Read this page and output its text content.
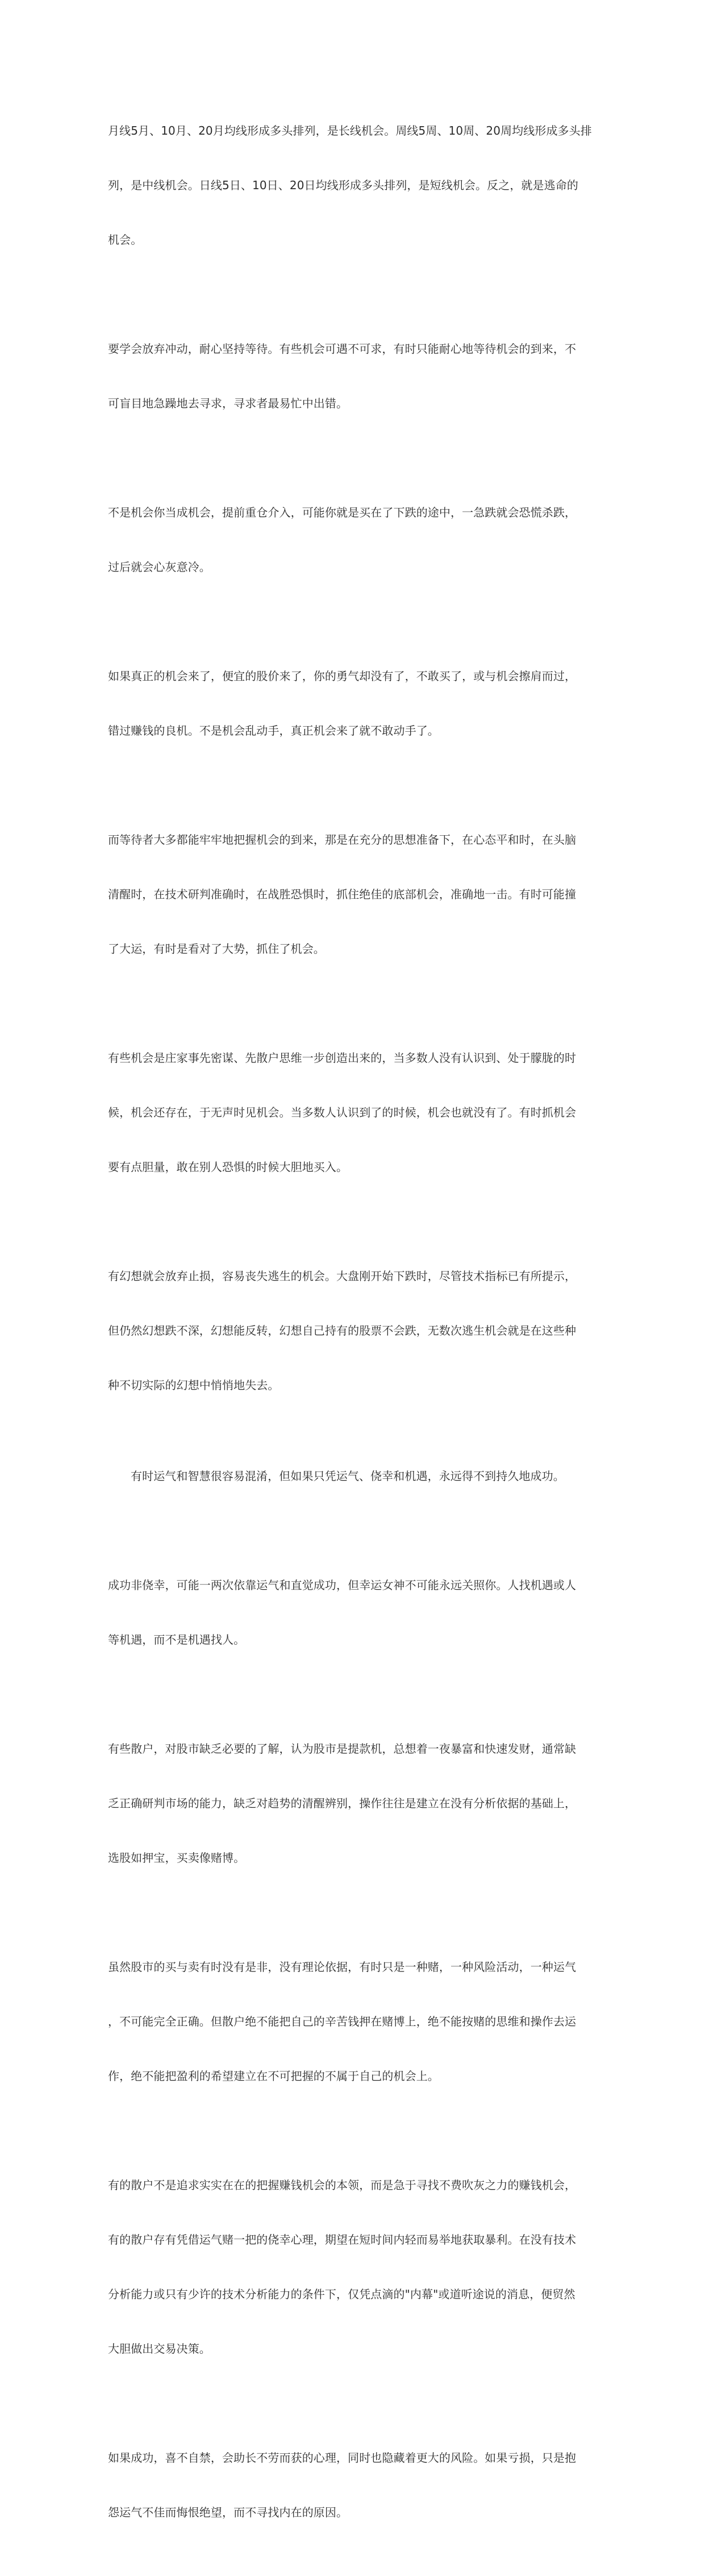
月线5月、10月、20月均线形成多头排列，是长线机会。周线5周、10周、20周均线形成多头排

列，是中线机会。日线5日、10日、20日均线形成多头排列，是短线机会。反之，就是逃命的

机会。

要学会放弃冲动，耐心坚持等待。有些机会可遇不可求，有时只能耐心地等待机会的到来，不

可盲目地急躁地去寻求，寻求者最易忙中出错。

不是机会你当成机会，提前重仓介入，可能你就是买在了下跌的途中，一急跌就会恐慌杀跌，

过后就会心灰意冷。

如果真正的机会来了，便宜的股价来了，你的勇气却没有了，不敢买了，或与机会擦肩而过，

错过赚钱的良机。不是机会乱动手，真正机会来了就不敢动手了。

而等待者大多都能牢牢地把握机会的到来，那是在充分的思想准备下，在心态平和时，在头脑

清醒时，在技术研判准确时，在战胜恐惧时，抓住绝佳的底部机会，准确地一击。有时可能撞

了大运，有时是看对了大势，抓住了机会。

有些机会是庄家事先密谋、先散户思维一步创造出来的，当多数人没有认识到、处于朦胧的时

候，机会还存在，于无声时见机会。当多数人认识到了的时候，机会也就没有了。有时抓机会

要有点胆量，敢在别人恐惧的时候大胆地买入。

有幻想就会放弃止损，容易丧失逃生的机会。大盘刚开始下跌时，尽管技术指标已有所提示，

但仍然幻想跌不深，幻想能反转，幻想自己持有的股票不会跌，无数次逃生机会就是在这些种

种不切实际的幻想中悄悄地失去。

有时运气和智慧很容易混淆，但如果只凭运气、侥幸和机遇，永远得不到持久地成功。

成功非侥幸，可能一两次依靠运气和直觉成功，但幸运女神不可能永远关照你。人找机遇或人

等机遇，而不是机遇找人。

有些散户，对股市缺乏必要的了解，认为股市是提款机，总想着一夜暴富和快速发财，通常缺

乏正确研判市场的能力，缺乏对趋势的清醒辨别，操作往往是建立在没有分析依据的基础上，

选股如押宝，买卖像赌博。

虽然股市的买与卖有时没有是非，没有理论依据，有时只是一种赌，一种风险活动，一种运气

，不可能完全正确。但散户绝不能把自己的辛苦钱押在赌博上，绝不能按赌的思维和操作去运

作，绝不能把盈利的希望建立在不可把握的不属于自己的机会上。

有的散户不是追求实实在在的把握赚钱机会的本领，而是急于寻找不费吹灰之力的赚钱机会，

有的散户存有凭借运气赌一把的侥幸心理，期望在短时间内轻而易举地获取暴利。在没有技术

分析能力或只有少许的技术分析能力的条件下，仅凭点滴的"内幕"或道听途说的消息，便贸然

大胆做出交易决策。

如果成功，喜不自禁，会助长不劳而获的心理，同时也隐藏着更大的风险。如果亏损，只是抱

怨运气不佳而悔恨绝望，而不寻找内在的原因。
